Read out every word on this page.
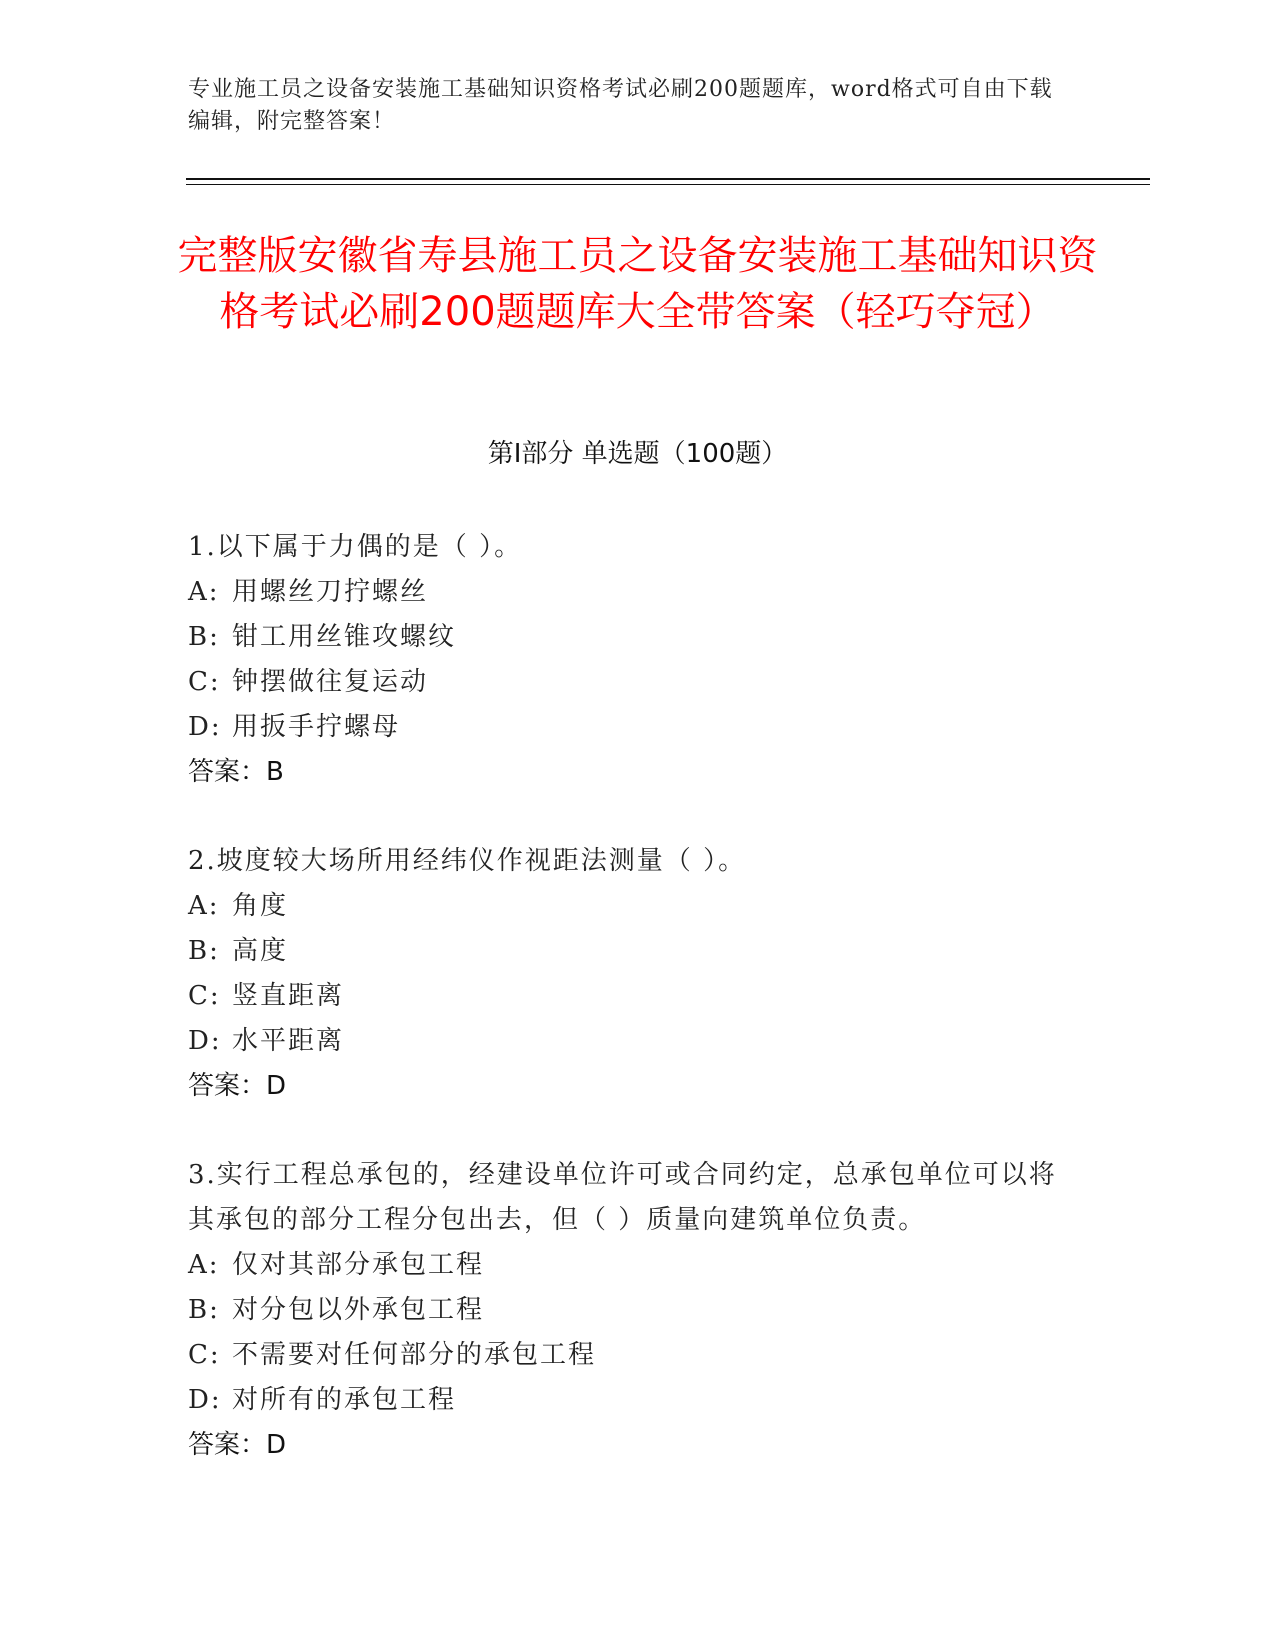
专业施工员之设备安装施工基础知识资格考试必刷200题题库，word格式可自由下载编辑，附完整答案！
完整版安徽省寿县施工员之设备安装施工基础知识资格考试必刷200题题库大全带答案（轻巧夺冠）
第Ⅰ部分 单选题（100题）
1.以下属于力偶的是（ ）。
A: 用螺丝刀拧螺丝
B: 钳工用丝锥攻螺纹
C: 钟摆做往复运动
D: 用扳手拧螺母
答案：B
2.坡度较大场所用经纬仪作视距法测量（ ）。
A: 角度
B: 高度
C: 竖直距离
D: 水平距离
答案：D
3.实行工程总承包的，经建设单位许可或合同约定，总承包单位可以将其承包的部分工程分包出去，但（ ）质量向建筑单位负责。
A: 仅对其部分承包工程
B: 对分包以外承包工程
C: 不需要对任何部分的承包工程
D: 对所有的承包工程
答案：D
